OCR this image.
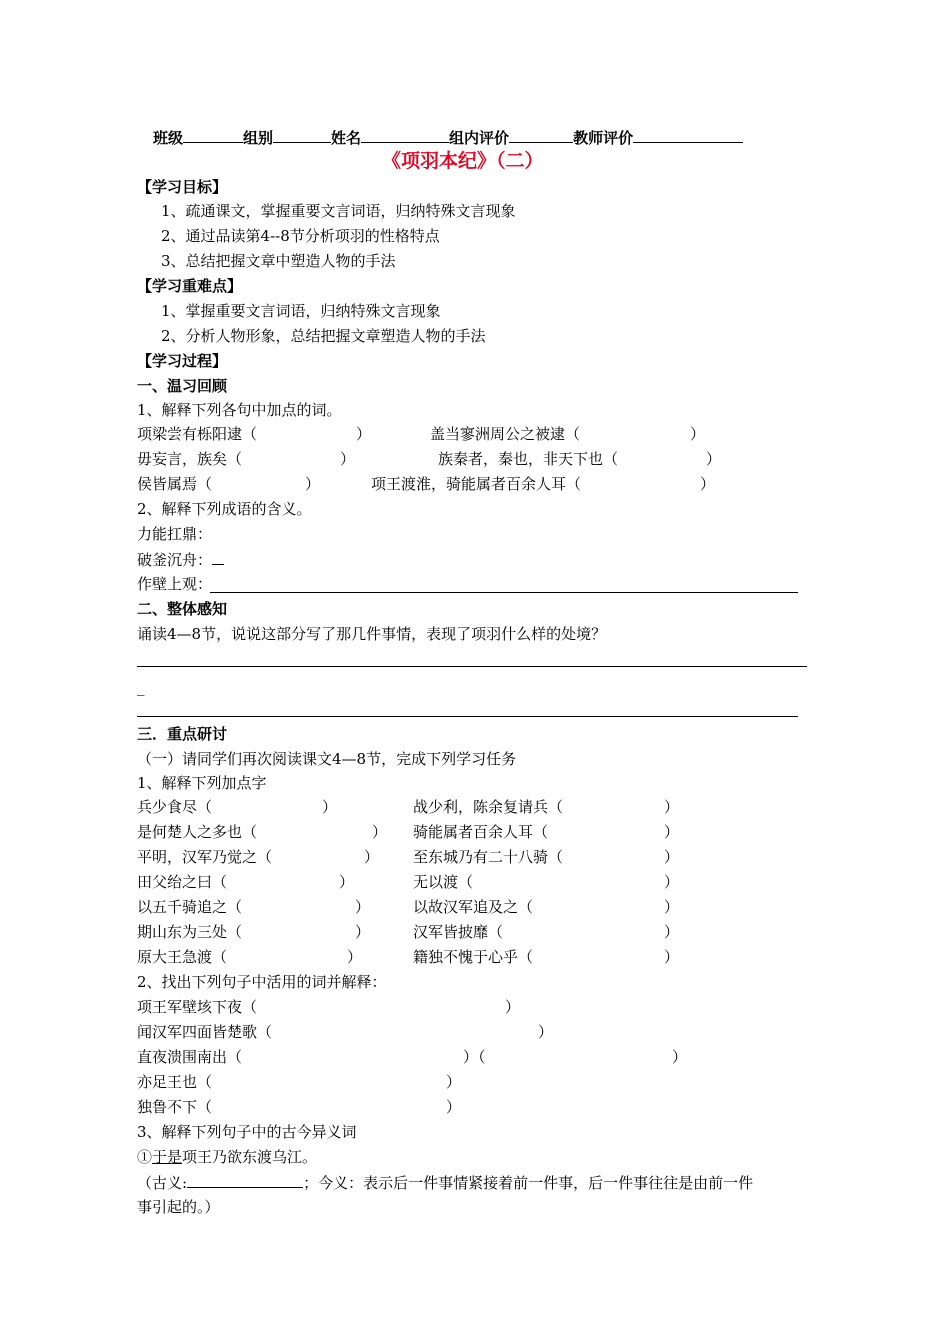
班级	组别	姓名	组内评价	教师评价
《项羽本纪》（二）
【学习目标】
1、疏通课文，掌握重要文言词语，归纳特殊文言现象
2、通过品读第4--8节分析项羽的性格特点
3、总结把握文章中塑造人物的手法
【学习重难点】
1、掌握重要文言词语，归纳特殊文言现象
2、分析人物形象，总结把握文章塑造人物的手法
【学习过程】
一、温习回顾
1、解释下列各句中加点的词。
项梁尝有栎阳逮（	）	盖当寥洲周公之被逮（	）
毋妄言，族矣（	）	族秦者，秦也，非天下也（	）
侯皆属焉（	）	项王渡淮，骑能属者百余人耳（	）
2、解释下列成语的含义。
力能扛鼎：
破釜沉舟：
作壁上观：
二、整体感知
诵读4—8节，说说这部分写了那几件事情，表现了项羽什么样的处境？
_
三．重点研讨
（一）请同学们再次阅读课文4—8节，完成下列学习任务
1、解释下列加点字
兵少食尽（	）	战少利，陈余复请兵（	）
是何楚人之多也（	） 骑能属者百余人耳（	）
平明，汉军乃觉之（	） 至东城乃有二十八骑（	）
田父绐之曰（	）	无以渡（	）
以五千骑追之（	）	以故汉军追及之（	）
期山东为三处（	）	汉军皆披靡（	）
原大王急渡（	）	籍独不愧于心乎（	）
2、找出下列句子中活用的词并解释：
项王军壁垓下夜（	）
闻汉军四面皆楚歌（	）
直夜溃围南出（	）（	）
亦足王也（	）
独鲁不下（	）
3、解释下列句子中的古今异义词
①于是项王乃欲东渡乌江。
（古义:	；今义：表示后一件事情紧接着前一件事，后一件事往往是由前一件
事引起的。）
